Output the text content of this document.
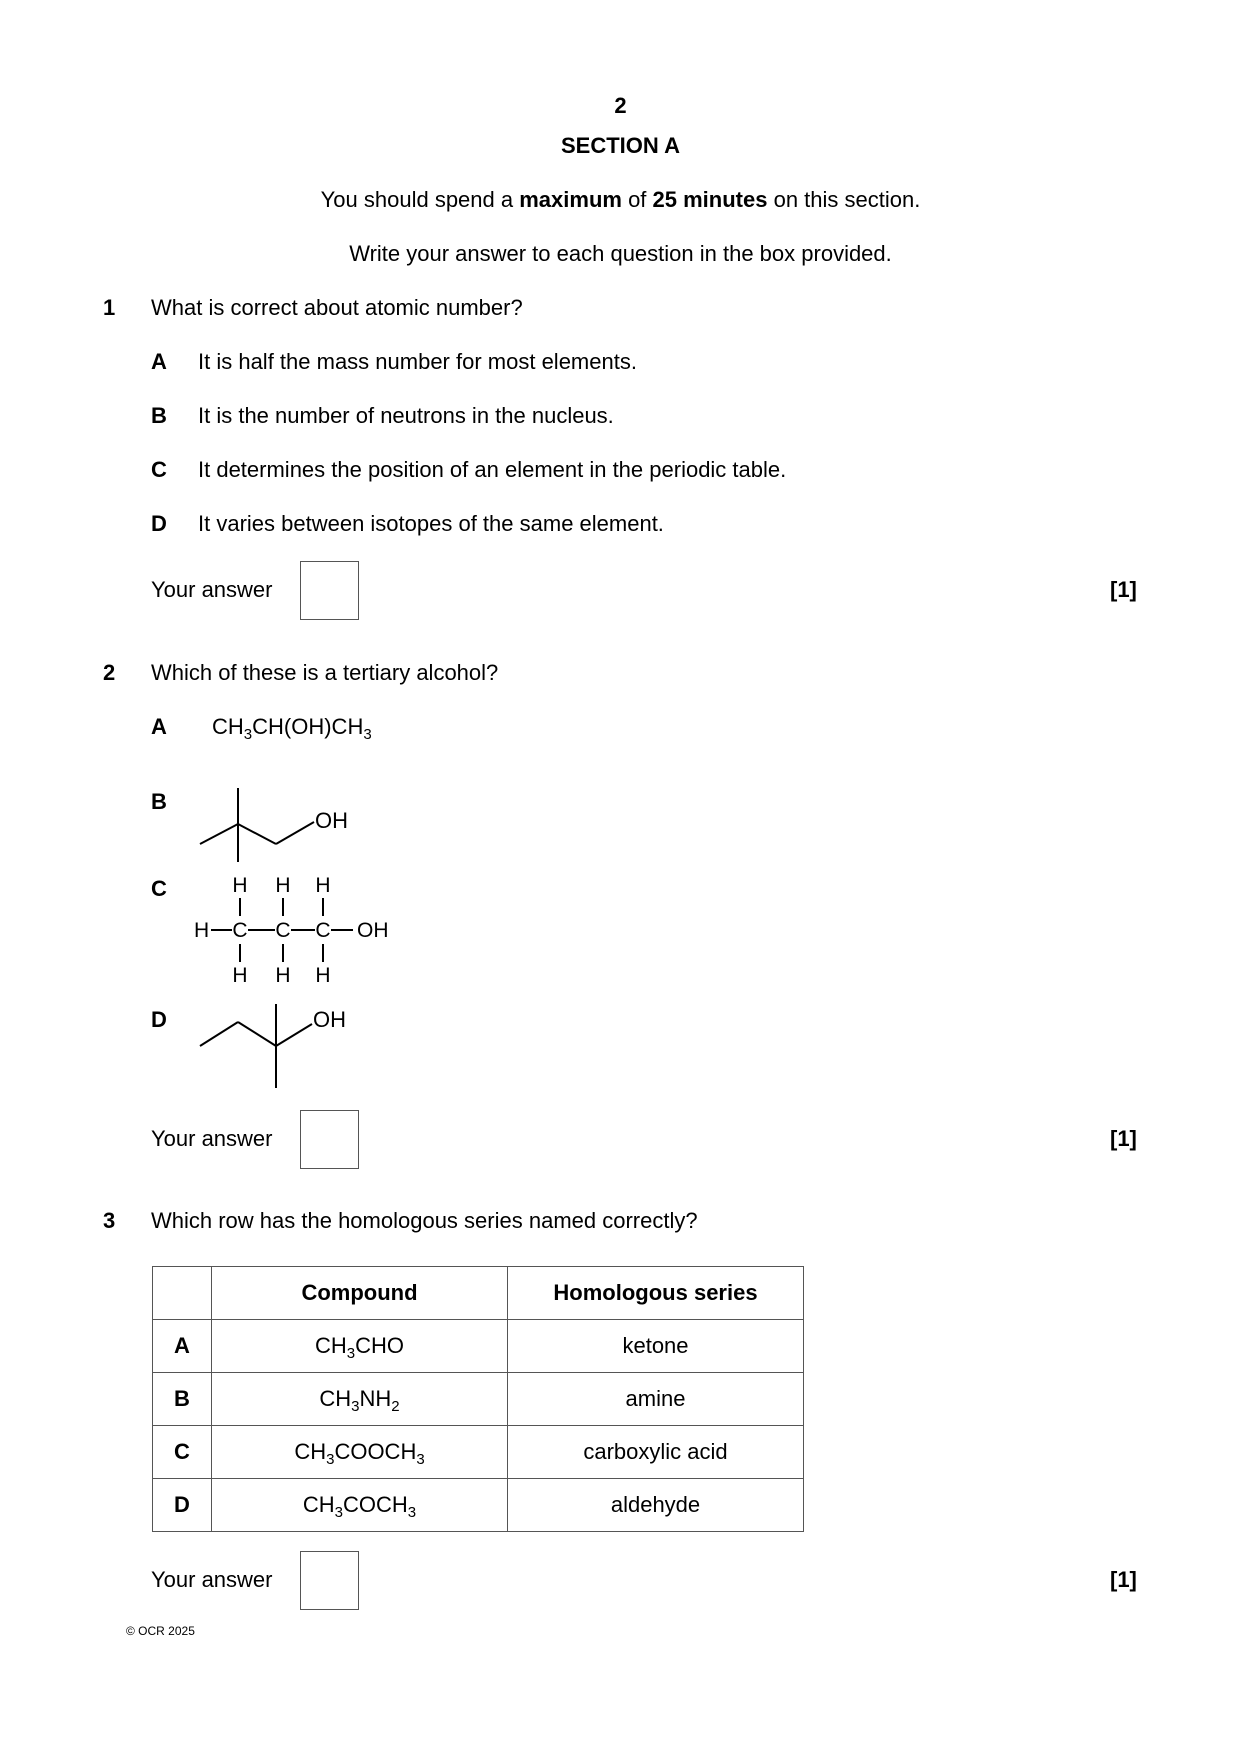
2
SECTION A
You should spend a maximum of 25 minutes on this section.
Write your answer to each question in the box provided.
1 What is correct about atomic number?
A It is half the mass number for most elements.
B It is the number of neutrons in the nucleus.
C It determines the position of an element in the periodic table.
D It varies between isotopes of the same element.
Your answer	[1]
2 Which of these is a tertiary alcohol?
A $CH_3CH(OH)CH_3$
B
OH
C	H H H
H C C C OH
H H H
D	OH
Your answer	[1]
3 Which row has the homologous series named correctly?
	Compound	Homologous series
A	$CH_3CHO$	ketone
B	$CH_3NH_2$	amine
C	$CH_3COOCH_3$	carboxylic acid
D	$CH_3COCH_3$	aldehyde
Your answer	[1]
© OCR 2025
